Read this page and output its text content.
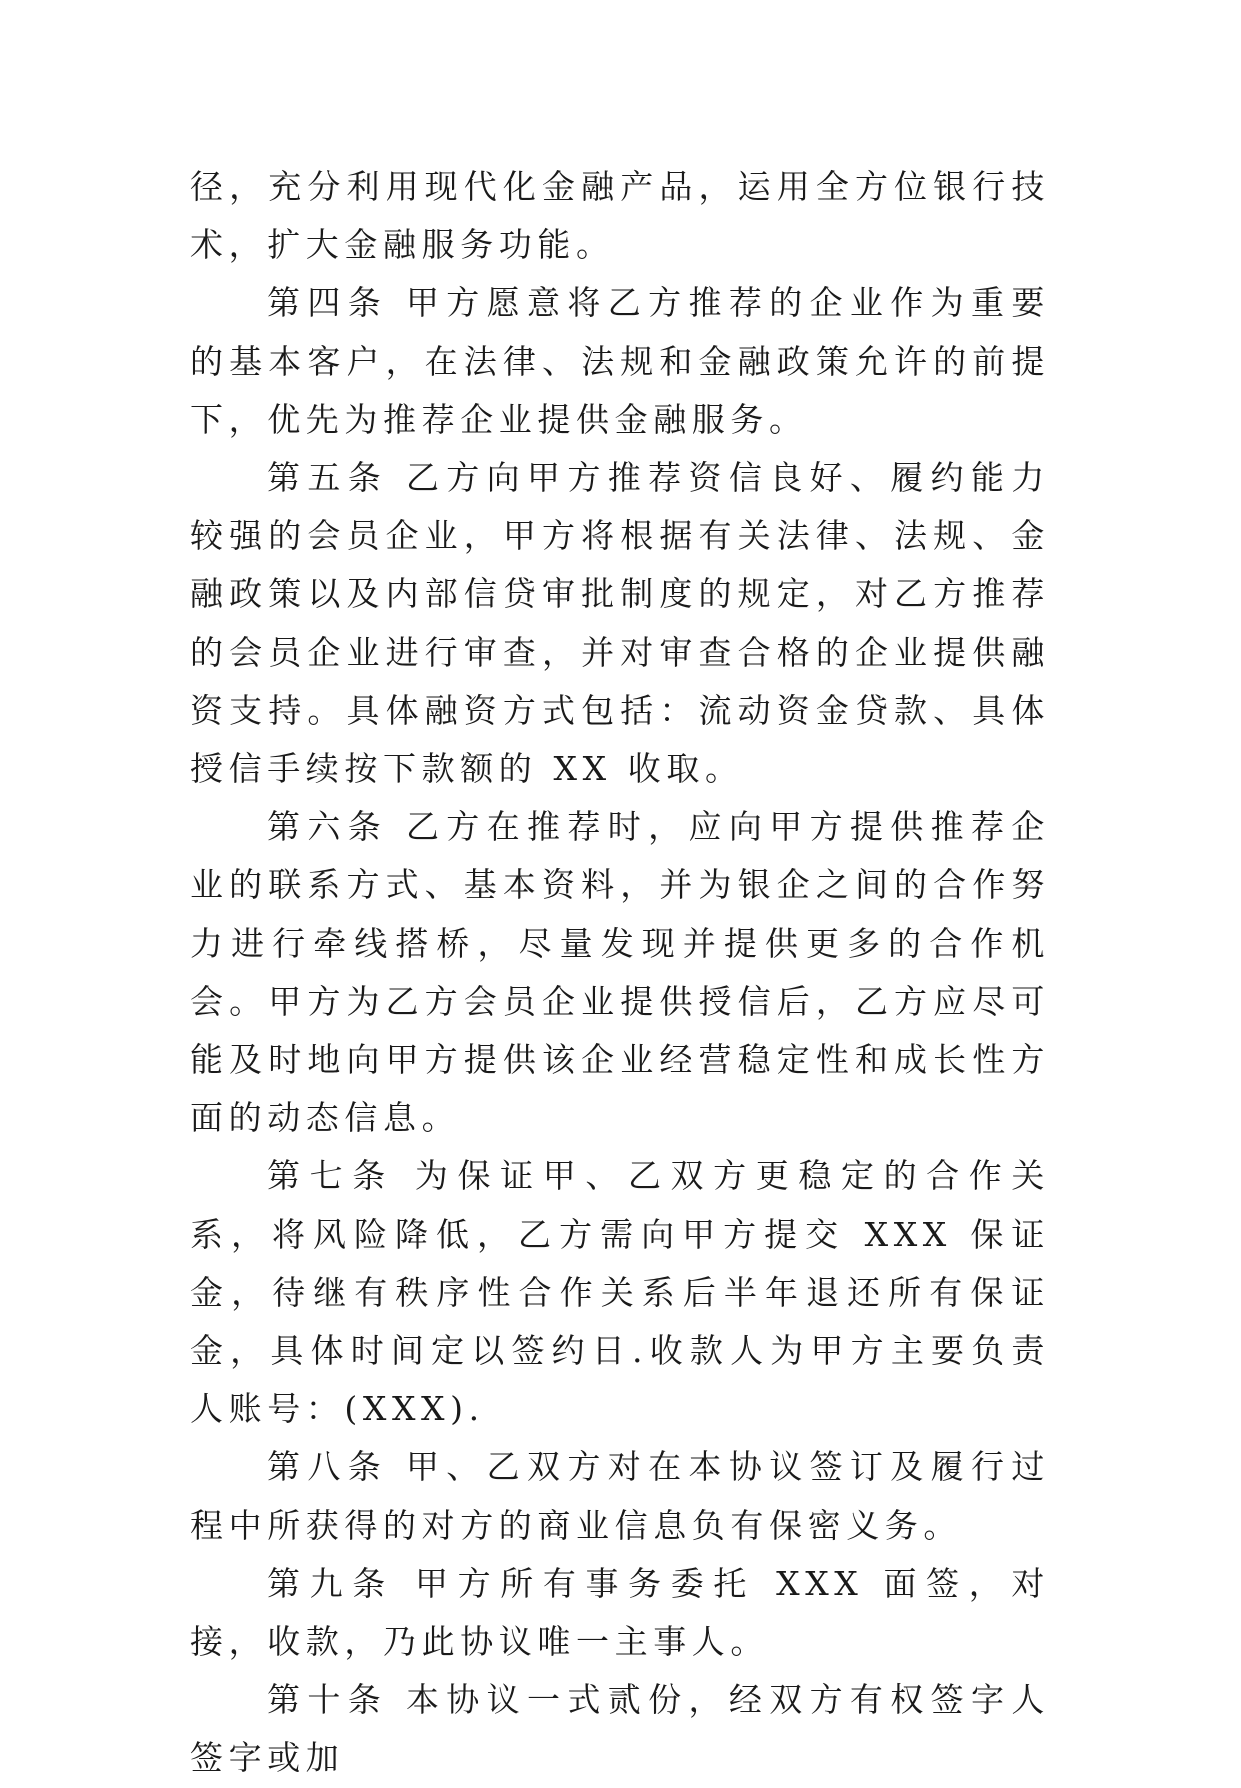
径，充分利用现代化金融产品，运用全方位银行技术，扩大金融服务功能。

第四条 甲方愿意将乙方推荐的企业作为重要的基本客户，在法律、法规和金融政策允许的前提下，优先为推荐企业提供金融服务。

第五条 乙方向甲方推荐资信良好、履约能力较强的会员企业，甲方将根据有关法律、法规、金融政策以及内部信贷审批制度的规定，对乙方推荐的会员企业进行审查，并对审查合格的企业提供融资支持。具体融资方式包括：流动资金贷款、具体授信手续按下款额的 XX 收取。

第六条 乙方在推荐时，应向甲方提供推荐企业的联系方式、基本资料，并为银企之间的合作努力进行牵线搭桥，尽量发现并提供更多的合作机会。甲方为乙方会员企业提供授信后，乙方应尽可能及时地向甲方提供该企业经营稳定性和成长性方面的动态信息。

第七条 为保证甲、乙双方更稳定的合作关系，将风险降低，乙方需向甲方提交 XXX 保证金，待继有秩序性合作关系后半年退还所有保证金，具体时间定以签约日.收款人为甲方主要负责人账号：(XXX).

第八条 甲、乙双方对在本协议签订及履行过程中所获得的对方的商业信息负有保密义务。

第九条 甲方所有事务委托 XXX 面签，对接，收款，乃此协议唯一主事人。

第十条 本协议一式贰份，经双方有权签字人签字或加
